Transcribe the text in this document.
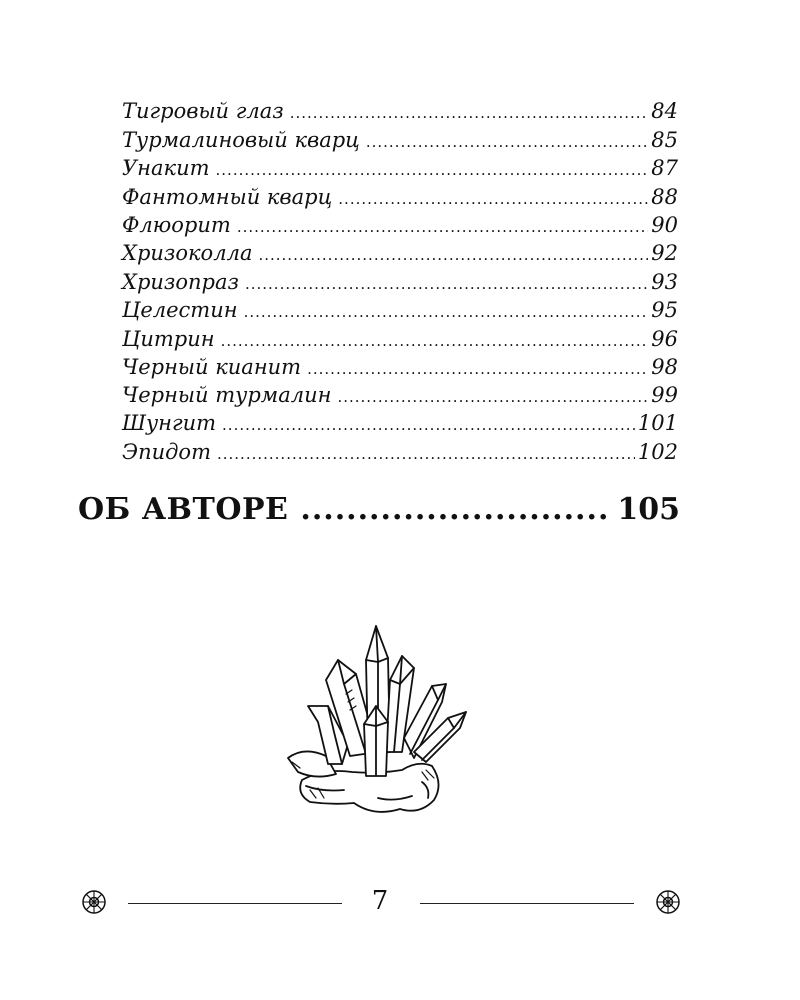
Тигровый глаз .....	84
Турмалиновый кварц .....	85
Унакит .....	87
Фантомный кварц .....	88
Флюорит .....	90
Хризоколла .....	92
Хризопраз .....	93
Целестин .....	95
Цитрин .....	96
Черный кианит .....	98
Черный турмалин .....	99
Шунгит .....	101
Эпидот .....	102
ОБ АВТОРЕ .....	105
7
